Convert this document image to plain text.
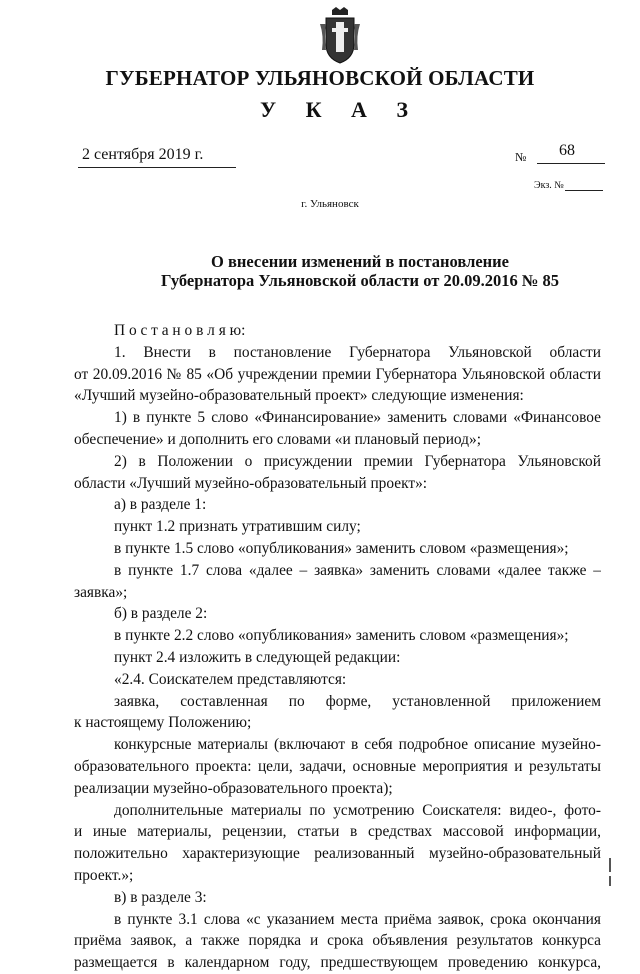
ГУБЕРНАТОР УЛЬЯНОВСКОЙ ОБЛАСТИ
У К А З
2 сентября 2019 г.	№ 68
Экз. №
г. Ульяновск
О внесении изменений в постановление
Губернатора Ульяновской области от 20.09.2016 № 85
П о с т а н о в л я ю:
1. Внести в постановление Губернатора Ульяновской области
от 20.09.2016 № 85 «Об учреждении премии Губернатора Ульяновской области
«Лучший музейно-образовательный проект» следующие изменения:
1) в пункте 5 слово «Финансирование» заменить словами «Финансовое
обеспечение» и дополнить его словами «и плановый период»;
2) в Положении о присуждении премии Губернатора Ульяновской
области «Лучший музейно-образовательный проект»:
а) в разделе 1:
пункт 1.2 признать утратившим силу;
в пункте 1.5 слово «опубликования» заменить словом «размещения»;
в пункте 1.7 слова «далее – заявка» заменить словами «далее также –
заявка»;
б) в разделе 2:
в пункте 2.2 слово «опубликования» заменить словом «размещения»;
пункт 2.4 изложить в следующей редакции:
«2.4. Соискателем представляются:
заявка, составленная по форме, установленной приложением
к настоящему Положению;
конкурсные материалы (включают в себя подробное описание музейно-
образовательного проекта: цели, задачи, основные мероприятия и результаты
реализации музейно-образовательного проекта);
дополнительные материалы по усмотрению Соискателя: видео-, фото-
и иные материалы, рецензии, статьи в средствах массовой информации,
положительно характеризующие реализованный музейно-образовательный
проект.»;
в) в разделе 3:
в пункте 3.1 слова «с указанием места приёма заявок, срока окончания
приёма заявок, а также порядка и срока объявления результатов конкурса
размещается в календарном году, предшествующем проведению конкурса,
